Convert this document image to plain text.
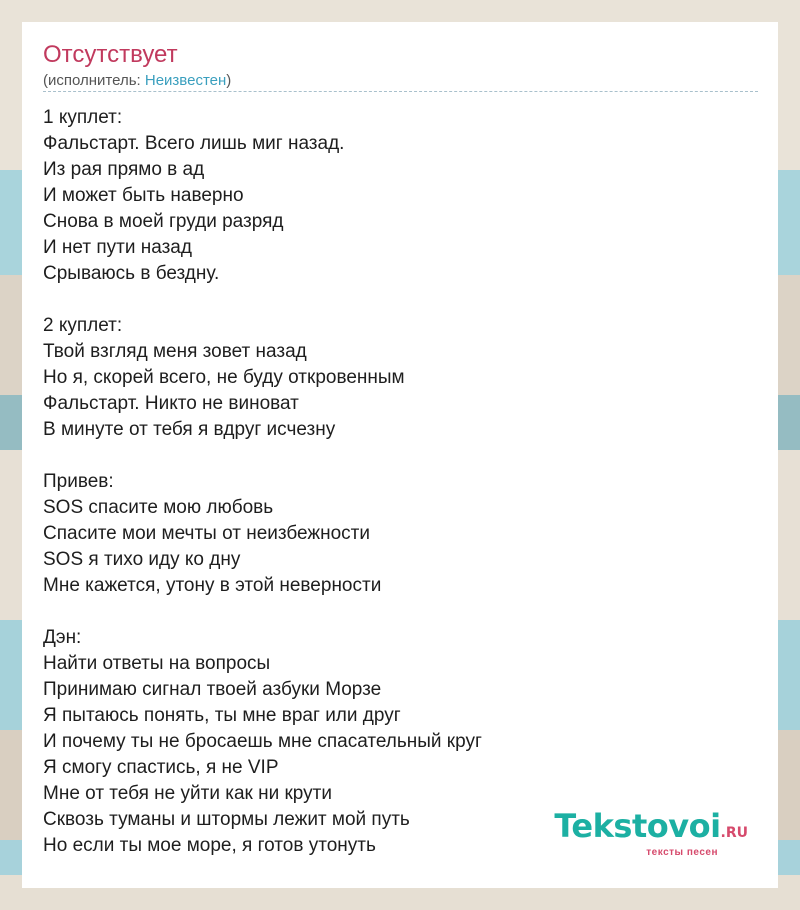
Отсутствует
(исполнитель: Неизвестен)
1 куплет:
Фальстарт. Всего лишь миг назад.
Из рая прямо в ад
И может быть наверно
Снова в моей груди разряд
И нет пути назад
Срываюсь в бездну.
2 куплет:
Твой взгляд меня зовет назад
Но я, скорей всего, не буду откровенным
Фальстарт. Никто не виноват
В минуте от тебя я вдруг исчезну
Привев:
SOS спасите мою любовь
Спасите мои мечты от неизбежности
SOS я тихо иду ко дну
Мне кажется, утону в этой неверности
Дэн:
Найти ответы на вопросы
Принимаю сигнал твоей азбуки Морзе
Я пытаюсь понять, ты мне враг или друг
И почему ты не бросаешь мне спасательный круг
Я смогу спастись, я не VIP
Мне от тебя не уйти как ни крути
Сквозь туманы и штормы лежит мой путь
Но если ты мое море, я готов утонуть
Tekstovoi.RU
тексты песен
